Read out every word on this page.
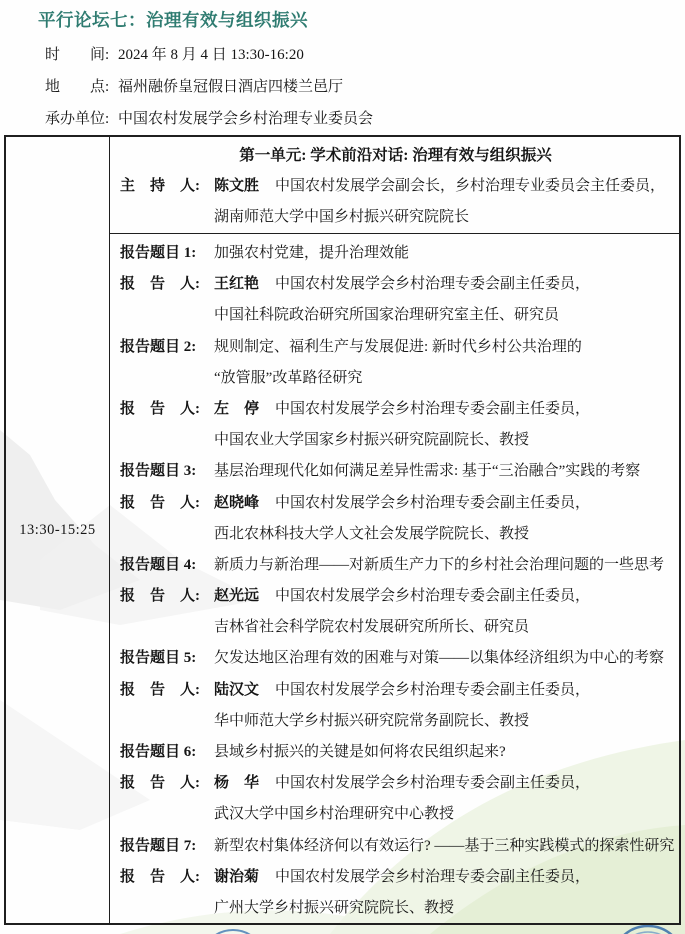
平行论坛七：治理有效与组织振兴
时　　间: 2024 年 8 月 4 日 13:30-16:20
地　　点: 福州融侨皇冠假日酒店四楼兰邑厅
承办单位: 中国农村发展学会乡村治理专业委员会
13:30-15:25
第一单元: 学术前沿对话: 治理有效与组织振兴
主　持　人: 陈文胜 中国农村发展学会副会长，乡村治理专业委员会主任委员，
湖南师范大学中国乡村振兴研究院院长
报告题目 1:	加强农村党建，提升治理效能
报　告　人: 王红艳 中国农村发展学会乡村治理专委会副主任委员，
中国社科院政治研究所国家治理研究室主任、研究员
报告题目 2:	规则制定、福利生产与发展促进: 新时代乡村公共治理的
“放管服”改革路径研究
报　告　人: 左　停 中国农村发展学会乡村治理专委会副主任委员，
中国农业大学国家乡村振兴研究院副院长、教授
报告题目 3:	基层治理现代化如何满足差异性需求: 基于“三治融合”实践的考察
报　告　人: 赵晓峰 中国农村发展学会乡村治理专委会副主任委员，
西北农林科技大学人文社会发展学院院长、教授
报告题目 4:	新质力与新治理——对新质生产力下的乡村社会治理问题的一些思考
报　告　人: 赵光远 中国农村发展学会乡村治理专委会副主任委员，
吉林省社会科学院农村发展研究所所长、研究员
报告题目 5:	欠发达地区治理有效的困难与对策——以集体经济组织为中心的考察
报　告　人: 陆汉文 中国农村发展学会乡村治理专委会副主任委员，
华中师范大学乡村振兴研究院常务副院长、教授
报告题目 6:	县域乡村振兴的关键是如何将农民组织起来?
报　告　人: 杨　华 中国农村发展学会乡村治理专委会副主任委员，
武汉大学中国乡村治理研究中心教授
报告题目 7:	新型农村集体经济何以有效运行? ——基于三种实践模式的探索性研究
报　告　人: 谢治菊 中国农村发展学会乡村治理专委会副主任委员，
广州大学乡村振兴研究院院长、教授
